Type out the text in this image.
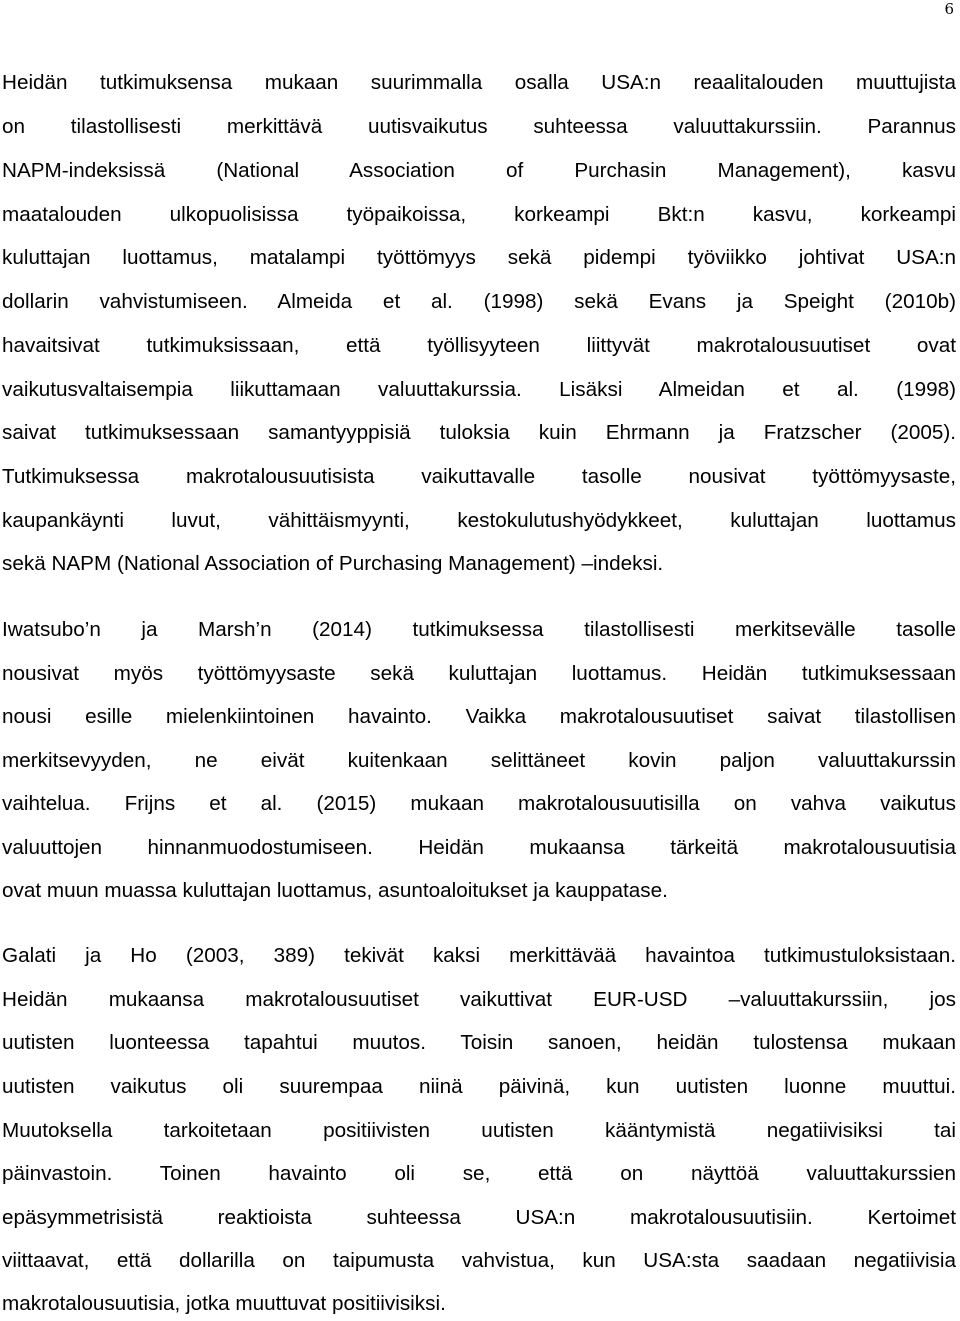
6
Heidän tutkimuksensa mukaan suurimmalla osalla USA:n reaalitalouden muuttujista
on tilastollisesti merkittävä uutisvaikutus suhteessa valuuttakurssiin. Parannus
NAPM-indeksissä (National Association of Purchasin Management), kasvu
maatalouden ulkopuolisissa työpaikoissa, korkeampi Bkt:n kasvu, korkeampi
kuluttajan luottamus, matalampi työttömyys sekä pidempi työviikko johtivat USA:n
dollarin vahvistumiseen. Almeida et al. (1998) sekä Evans ja Speight (2010b)
havaitsivat tutkimuksissaan, että työllisyyteen liittyvät makrotalousuutiset ovat
vaikutusvaltaisempia liikuttamaan valuuttakurssia. Lisäksi Almeidan et al. (1998)
saivat tutkimuksessaan samantyyppisiä tuloksia kuin Ehrmann ja Fratzscher (2005).
Tutkimuksessa makrotalousuutisista vaikuttavalle tasolle nousivat työttömyysaste,
kaupankäynti luvut, vähittäismyynti, kestokulutushyödykkeet, kuluttajan luottamus
sekä NAPM (National Association of Purchasing Management) –indeksi.
Iwatsubo’n ja Marsh’n (2014) tutkimuksessa tilastollisesti merkitsevälle tasolle
nousivat myös työttömyysaste sekä kuluttajan luottamus. Heidän tutkimuksessaan
nousi esille mielenkiintoinen havainto. Vaikka makrotalousuutiset saivat tilastollisen
merkitsevyyden, ne eivät kuitenkaan selittäneet kovin paljon valuuttakurssin
vaihtelua. Frijns et al. (2015) mukaan makrotalousuutisilla on vahva vaikutus
valuuttojen hinnanmuodostumiseen. Heidän mukaansa tärkeitä makrotalousuutisia
ovat muun muassa kuluttajan luottamus, asuntoaloitukset ja kauppatase.
Galati ja Ho (2003, 389) tekivät kaksi merkittävää havaintoa tutkimustuloksistaan.
Heidän mukaansa makrotalousuutiset vaikuttivat EUR-USD –valuuttakurssiin, jos
uutisten luonteessa tapahtui muutos. Toisin sanoen, heidän tulostensa mukaan
uutisten vaikutus oli suurempaa niinä päivinä, kun uutisten luonne muuttui.
Muutoksella tarkoitetaan positiivisten uutisten kääntymistä negatiivisiksi tai
päinvastoin. Toinen havainto oli se, että on näyttöä valuuttakurssien
epäsymmetrisistä reaktioista suhteessa USA:n makrotalousuutisiin. Kertoimet
viittaavat, että dollarilla on taipumusta vahvistua, kun USA:sta saadaan negatiivisia
makrotalousuutisia, jotka muuttuvat positiivisiksi.
